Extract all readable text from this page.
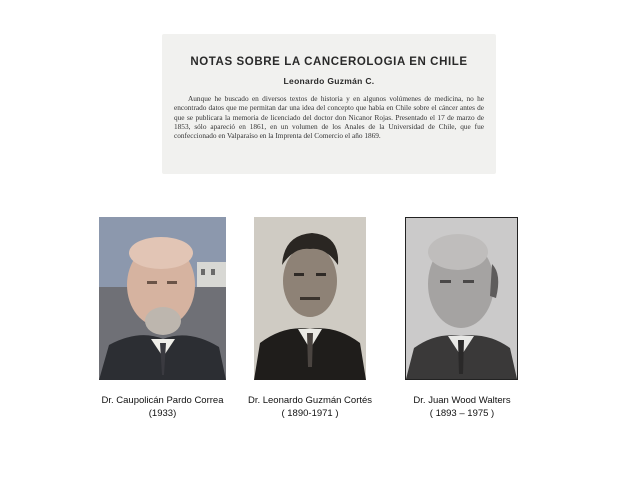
NOTAS SOBRE LA CANCEROLOGIA EN CHILE
Leonardo Guzmán C.
Aunque he buscado en diversos textos de historia y en algunos volúmenes de medicina, no he encontrado datos que me permitan dar una idea del concepto que había en Chile sobre el cáncer antes de que se publicara la memoria de licenciado del doctor don Nicanor Rojas. Presentado el 17 de marzo de 1853, sólo apareció en 1861, en un volumen de los Anales de la Universidad de Chile, que fue confeccionado en Valparaíso en la Imprenta del Comercio el año 1869.
Dr. Caupolicán Pardo Correa
(1933)
Dr. Leonardo Guzmán Cortés
( 1890-1971 )
Dr. Juan Wood Walters
( 1893 – 1975 )
